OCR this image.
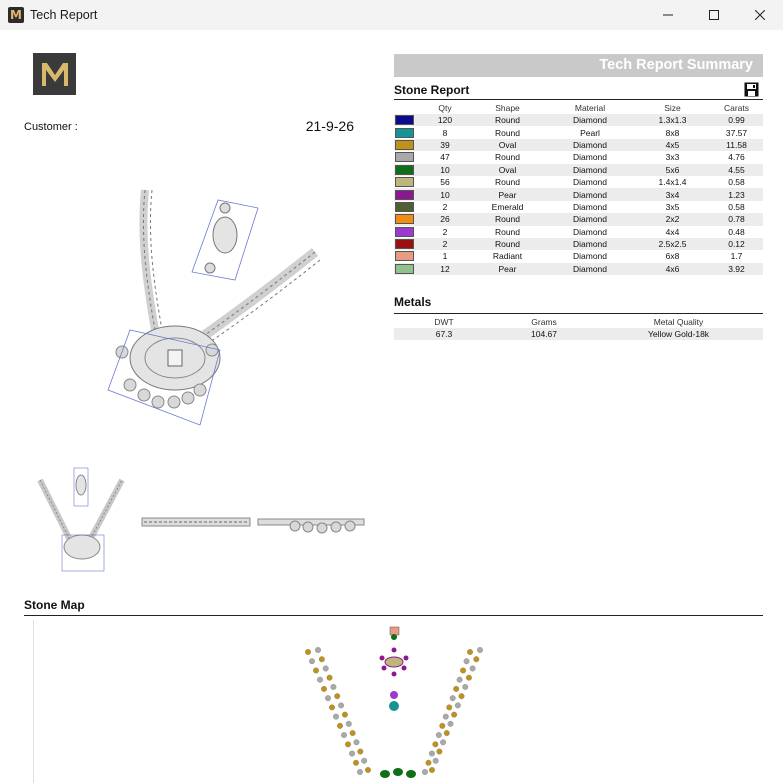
M Tech Report
Customer :	21-9-26
Tech Report Summary
Stone Report
	Qty	Shape	Material	Size	Carats

	120	Round	Diamond	1.3x1.3	0.99

	8	Round	Pearl	8x8	37.57

	39	Oval	Diamond	4x5	11.58

	47	Round	Diamond	3x3	4.76

	10	Oval	Diamond	5x6	4.55

	56	Round	Diamond	1.4x1.4	0.58

	10	Pear	Diamond	3x4	1.23

	2	Emerald	Diamond	3x5	0.58

	26	Round	Diamond	2x2	0.78

	2	Round	Diamond	4x4	0.48

	2	Round	Diamond	2.5x2.5	0.12

	1	Radiant	Diamond	6x8	1.7

	12	Pear	Diamond	4x6	3.92
Metals
DWT	Grams	Metal Quality
67.3	104.67	Yellow Gold-18k
Stone Map
